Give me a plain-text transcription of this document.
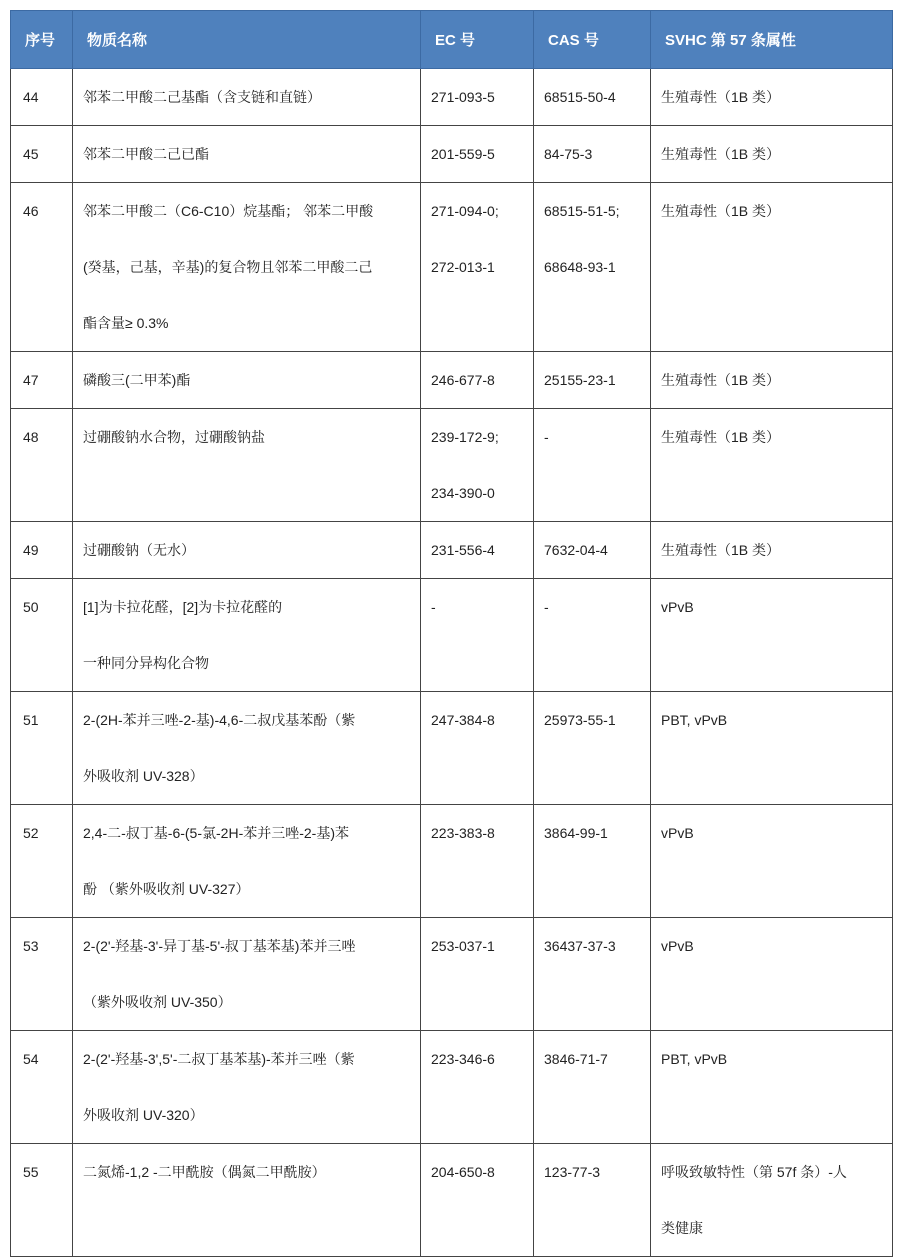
序号	物质名称	EC 号	CAS 号	SVHC 第 57 条属性
44	邻苯二甲酸二己基酯（含支链和直链）	271-093-5	68515-50-4	生殖毒性（1B 类）

45	邻苯二甲酸二己已酯	201-559-5	84-75-3	生殖毒性（1B 类）

46	邻苯二甲酸二（C6-C10）烷基酯； 邻苯二甲酸
(癸基，己基，辛基)的复合物且邻苯二甲酸二己
酯含量≥ 0.3%	271-094-0;
272-013-1	68515-51-5;
68648-93-1	生殖毒性（1B 类）

47	磷酸三(二甲苯)酯	246-677-8	25155-23-1	生殖毒性（1B 类）

48	过硼酸钠水合物，过硼酸钠盐	239-172-9;
234-390-0	-	生殖毒性（1B 类）

49	过硼酸钠（无水）	231-556-4	7632-04-4	生殖毒性（1B 类）

50	[1]为卡拉花醛，[2]为卡拉花醛的
一种同分异构化合物	-	-	vPvB

51	2-(2H-苯并三唑-2-基)-4,6-二叔戊基苯酚（紫
外吸收剂 UV-328）	247-384-8	25973-55-1	PBT, vPvB

52	2,4-二-叔丁基-6-(5-氯-2H-苯并三唑-2-基)苯
酚 （紫外吸收剂 UV-327）	223-383-8	3864-99-1	vPvB

53	2-(2'-羟基-3'-异丁基-5'-叔丁基苯基)苯并三唑
（紫外吸收剂 UV-350）	253-037-1	36437-37-3	vPvB

54	2-(2'-羟基-3',5'-二叔丁基苯基)-苯并三唑（紫
外吸收剂 UV-320）	223-346-6	3846-71-7	PBT, vPvB

55	二氮烯-1,2 -二甲酰胺（偶氮二甲酰胺）	204-650-8	123-77-3	呼吸致敏特性（第 57f 条）-人
类健康
